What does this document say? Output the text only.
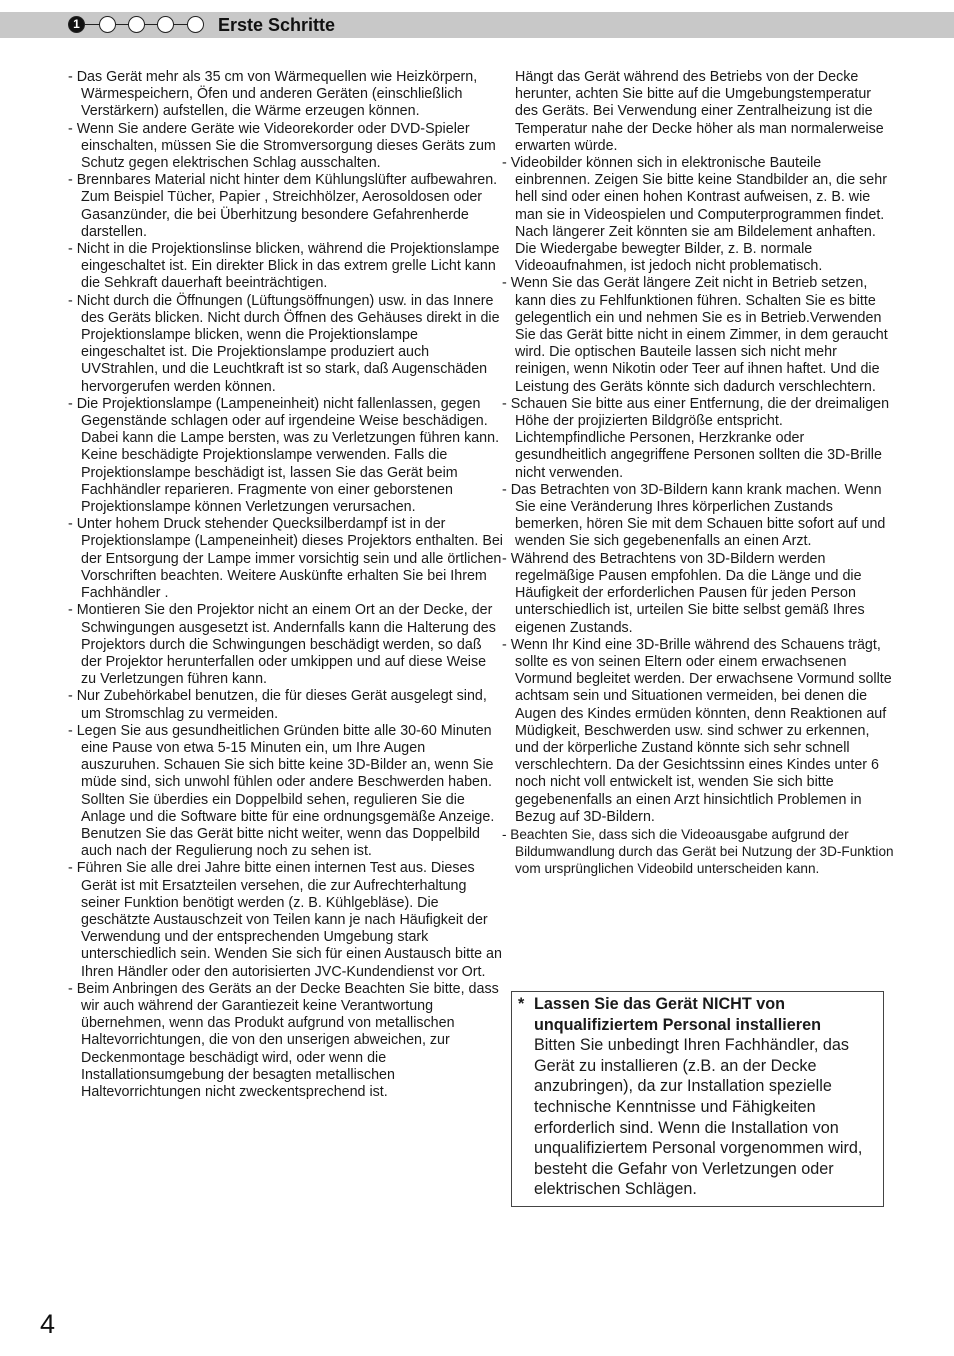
1	Erste Schritte
- Das Gerät mehr als 35 cm von Wärmequellen wie Heizkörpern, Wärmespeichern, Öfen und anderen Geräten (einschließlich Verstärkern) aufstellen, die Wärme erzeugen können.
- Wenn Sie andere Geräte wie Videorekorder oder DVD-Spieler einschalten, müssen Sie die Stromversorgung dieses Geräts zum Schutz gegen elektrischen Schlag ausschalten.
- Brennbares Material nicht hinter dem Kühlungslüfter aufbewahren. Zum Beispiel Tücher, Papier , Streichhölzer, Aerosoldosen oder Gasanzünder, die bei Überhitzung besondere Gefahrenherde darstellen.
- Nicht in die Projektionslinse blicken, während die Projektionslampe eingeschaltet ist. Ein direkter Blick in das extrem grelle Licht kann die Sehkraft dauerhaft beeinträchtigen.
- Nicht durch die Öffnungen (Lüftungsöffnungen) usw. in das Innere des Geräts blicken. Nicht durch Öffnen des Gehäuses direkt in die Projektionslampe blicken, wenn die Projektionslampe eingeschaltet ist. Die Projektionslampe produziert auch UVStrahlen, und die Leuchtkraft ist so stark, daß Augenschäden hervorgerufen werden können.
- Die Projektionslampe (Lampeneinheit) nicht fallenlassen, gegen Gegenstände schlagen oder auf irgendeine Weise beschädigen. Dabei kann die Lampe bersten, was zu Verletzungen führen kann. Keine beschädigte Projektionslampe verwenden. Falls die Projektionslampe beschädigt ist, lassen Sie das Gerät beim Fachhändler reparieren. Fragmente von einer geborstenen Projektionslampe können Verletzungen verursachen.
- Unter hohem Druck stehender Quecksilberdampf ist in der Projektionslampe (Lampeneinheit) dieses Projektors enthalten. Bei der Entsorgung der Lampe immer vorsichtig sein und alle örtlichen Vorschriften beachten. Weitere Auskünfte erhalten Sie bei Ihrem Fachhändler .
- Montieren Sie den Projektor nicht an einem Ort an der Decke, der Schwingungen ausgesetzt ist. Andernfalls kann die Halterung des Projektors durch die Schwingungen beschädigt werden, so daß der Projektor herunterfallen oder umkippen und auf diese Weise zu Verletzungen führen kann.
- Nur Zubehörkabel benutzen, die für dieses Gerät ausgelegt sind, um Stromschlag zu vermeiden.
- Legen Sie aus gesundheitlichen Gründen bitte alle 30-60 Minuten eine Pause von etwa 5-15 Minuten ein, um Ihre Augen auszuruhen. Schauen Sie sich bitte keine 3D-Bilder an, wenn Sie müde sind, sich unwohl fühlen oder andere Beschwerden haben. Sollten Sie überdies ein Doppelbild sehen, regulieren Sie die Anlage und die Software bitte für eine ordnungsgemäße Anzeige. Benutzen Sie das Gerät bitte nicht weiter, wenn das Doppelbild auch nach der Regulierung noch zu sehen ist.
- Führen Sie alle drei Jahre bitte einen internen Test aus. Dieses Gerät ist mit Ersatzteilen versehen, die zur Aufrechterhaltung seiner Funktion benötigt werden (z. B. Kühlgebläse). Die geschätzte Austauschzeit von Teilen kann je nach Häufigkeit der Verwendung und der entsprechenden Umgebung stark unterschiedlich sein. Wenden Sie sich für einen Austausch bitte an Ihren Händler oder den autorisierten JVC-Kundendienst vor Ort.
- Beim Anbringen des Geräts an der Decke Beachten Sie bitte, dass wir auch während der Garantiezeit keine Verantwortung übernehmen, wenn das Produkt aufgrund von metallischen Haltevorrichtungen, die von den unserigen abweichen, zur Deckenmontage beschädigt wird, oder wenn die Installationsumgebung der besagten metallischen Haltevorrichtungen nicht zweckentsprechend ist.
Hängt das Gerät während des Betriebs von der Decke herunter, achten Sie bitte auf die Umgebungstemperatur des Geräts. Bei Verwendung einer Zentralheizung ist die Temperatur nahe der Decke höher als man normalerweise erwarten würde.
- Videobilder können sich in elektronische Bauteile einbrennen. Zeigen Sie bitte keine Standbilder an, die sehr hell sind oder einen hohen Kontrast aufweisen, z. B. wie man sie in Videospielen und Computerprogrammen findet. Nach längerer Zeit könnten sie am Bildelement anhaften. Die Wiedergabe bewegter Bilder, z. B. normale Videoaufnahmen, ist jedoch nicht problematisch.
- Wenn Sie das Gerät längere Zeit nicht in Betrieb setzen, kann dies zu Fehlfunktionen führen. Schalten Sie es bitte gelegentlich ein und nehmen Sie es in Betrieb.Verwenden Sie das Gerät bitte nicht in einem Zimmer, in dem geraucht wird. Die optischen Bauteile lassen sich nicht mehr reinigen, wenn Nikotin oder Teer auf ihnen haftet. Und die Leistung des Geräts könnte sich dadurch verschlechtern.
- Schauen Sie bitte aus einer Entfernung, die der dreimaligen Höhe der projizierten Bildgröße entspricht. Lichtempfindliche Personen, Herzkranke oder gesundheitlich angegriffene Personen sollten die 3D-Brille nicht verwenden.
- Das Betrachten von 3D-Bildern kann krank machen. Wenn Sie eine Veränderung Ihres körperlichen Zustands bemerken, hören Sie mit dem Schauen bitte sofort auf und wenden Sie sich gegebenenfalls an einen Arzt.
- Während des Betrachtens von 3D-Bildern werden regelmäßige Pausen empfohlen. Da die Länge und die Häufigkeit der erforderlichen Pausen für jeden Person unterschiedlich ist, urteilen Sie bitte selbst gemäß Ihres eigenen Zustands.
- Wenn Ihr Kind eine 3D-Brille während des Schauens trägt, sollte es von seinen Eltern oder einem erwachsenen Vormund begleitet werden. Der erwachsene Vormund sollte achtsam sein und Situationen vermeiden, bei denen die Augen des Kindes ermüden könnten, denn Reaktionen auf Müdigkeit, Beschwerden usw. sind schwer zu erkennen, und der körperliche Zustand könnte sich sehr schnell verschlechtern. Da der Gesichtssinn eines Kindes unter 6 noch nicht voll entwickelt ist, wenden Sie sich bitte gegebenenfalls an einen Arzt hinsichtlich Problemen in Bezug auf 3D-Bildern.
- Beachten Sie, dass sich die Videoausgabe aufgrund der Bildumwandlung durch das Gerät bei Nutzung der 3D-Funktion vom ursprünglichen Videobild unterscheiden kann.
* Lassen Sie das Gerät NICHT von unqualifiziertem Personal installieren
Bitten Sie unbedingt Ihren Fachhändler, das Gerät zu installieren (z.B. an der Decke anzubringen), da zur Installation spezielle technische Kenntnisse und Fähigkeiten erforderlich sind. Wenn die Installation von unqualifiziertem Personal vorgenommen wird, besteht die Gefahr von Verletzungen oder elektrischen Schlägen.
4
